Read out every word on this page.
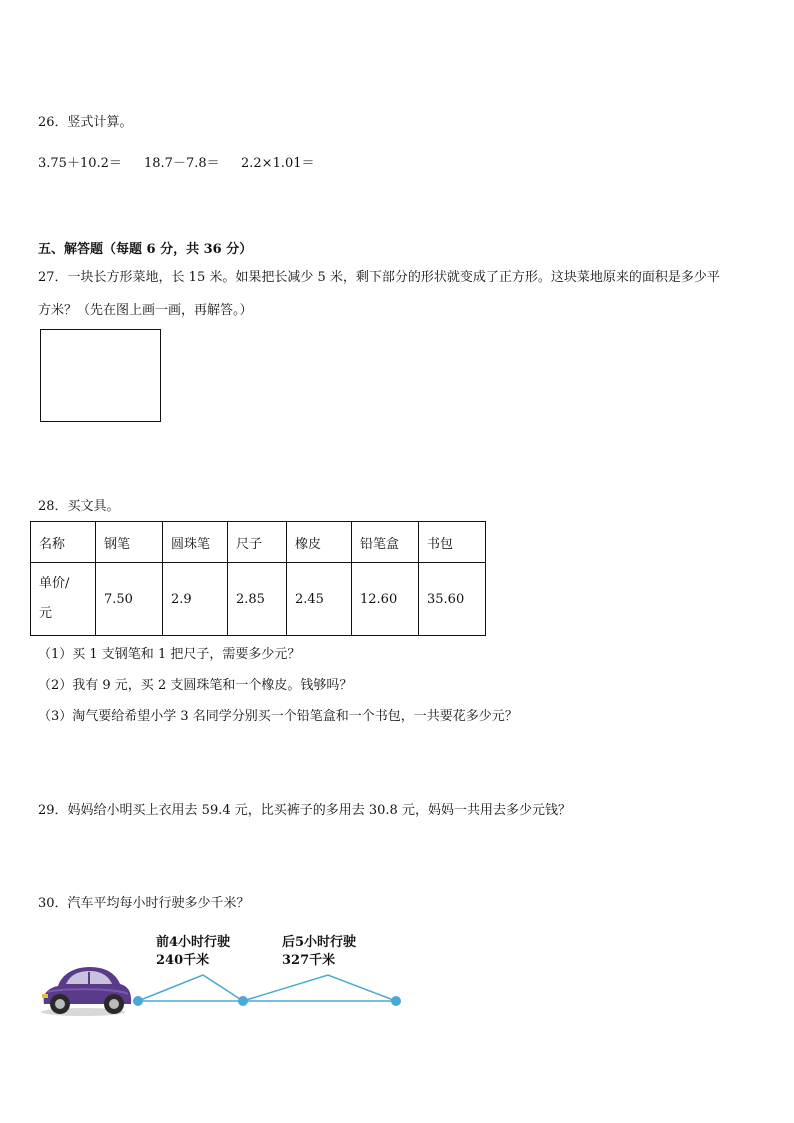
26．竖式计算。
3.75＋10.2＝ 18.7－7.8＝ 2.2×1.01＝
五、解答题（每题 6 分，共 36 分）
27．一块长方形菜地，长 15 米。如果把长减少 5 米，剩下部分的形状就变成了正方形。这块菜地原来的面积是多少平
方米？（先在图上画一画，再解答。）
28．买文具。
名称	钢笔	圆珠笔	尺子	橡皮	铅笔盒	书包

单价/
元	7.50	2.9	2.85	2.45	12.60	35.60
（1）买 1 支钢笔和 1 把尺子，需要多少元？
（2）我有 9 元，买 2 支圆珠笔和一个橡皮。钱够吗？
（3）淘气要给希望小学 3 名同学分别买一个铅笔盒和一个书包，一共要花多少元？
29．妈妈给小明买上衣用去 59.4 元，比买裤子的多用去 30.8 元，妈妈一共用去多少元钱？
30．汽车平均每小时行驶多少千米？
前4小时行驶
240千米
后5小时行驶
327千米
